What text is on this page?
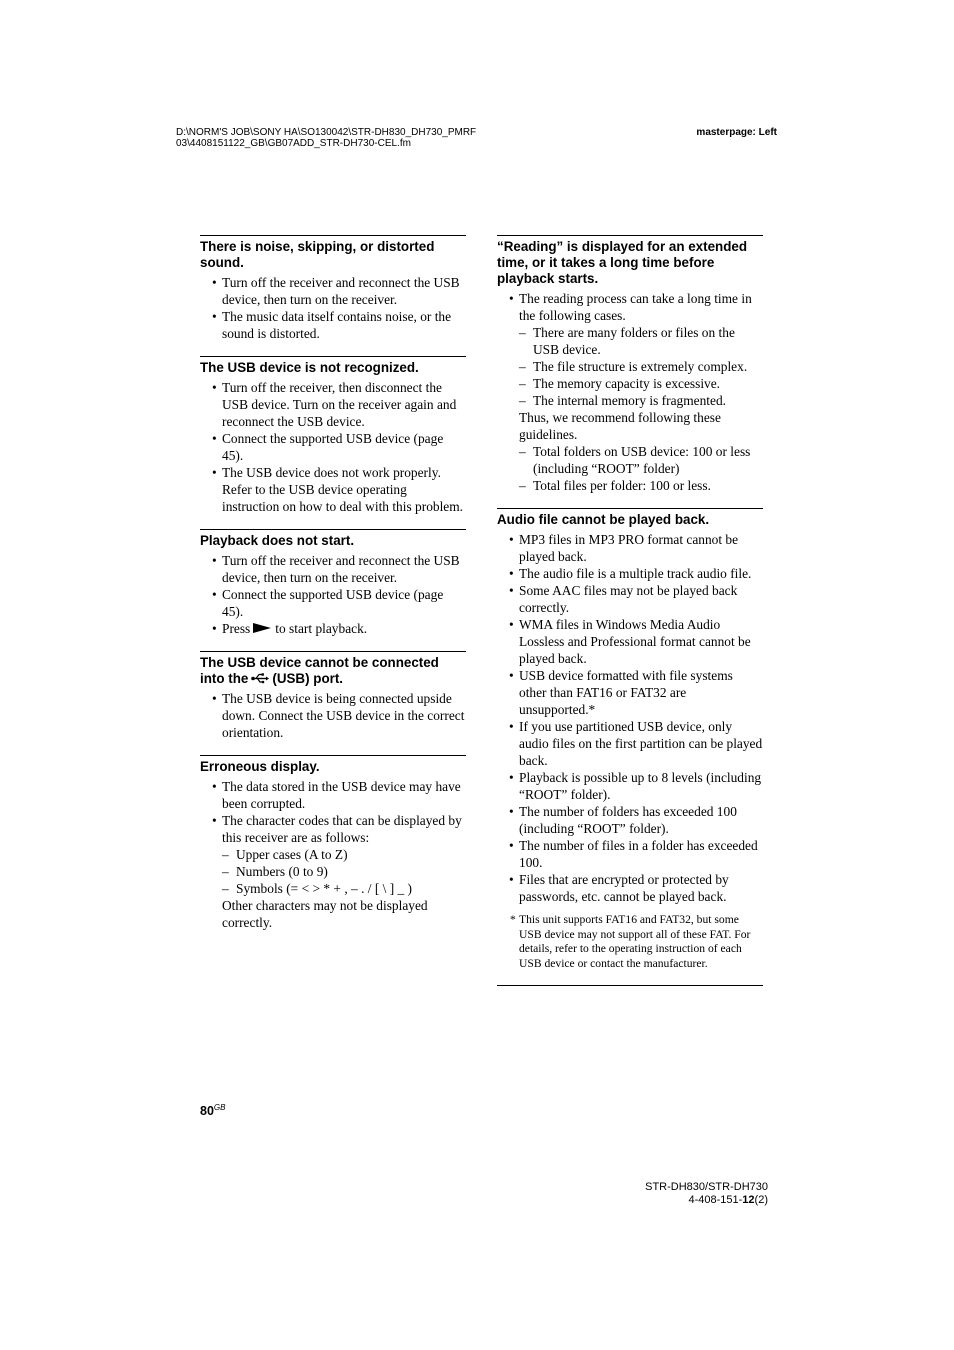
D:\NORM'S JOB\SONY HA\SO130042\STR-DH830_DH730_PMRF
03\4408151122_GB\GB07ADD_STR-DH730-CEL.fm
masterpage: Left
There is noise, skipping, or distorted sound.
• Turn off the receiver and reconnect the USB device, then turn on the receiver.
• The music data itself contains noise, or the sound is distorted.
The USB device is not recognized.
• Turn off the receiver, then disconnect the USB device. Turn on the receiver again and reconnect the USB device.
• Connect the supported USB device (page 45).
• The USB device does not work properly. Refer to the USB device operating instruction on how to deal with this problem.
Playback does not start.
• Turn off the receiver and reconnect the USB device, then turn on the receiver.
• Connect the supported USB device (page 45).
• Press to start playback.
The USB device cannot be connected into the (USB) port.
• The USB device is being connected upside down. Connect the USB device in the correct orientation.
Erroneous display.
• The data stored in the USB device may have been corrupted.
• The character codes that can be displayed by this receiver are as follows:
– Upper cases (A to Z)
– Numbers (0 to 9)
– Symbols (= < > * + , – . / [ \ ] _ )
Other characters may not be displayed correctly.
“Reading” is displayed for an extended time, or it takes a long time before playback starts.
• The reading process can take a long time in the following cases.
– There are many folders or files on the USB device.
– The file structure is extremely complex.
– The memory capacity is excessive.
– The internal memory is fragmented.
Thus, we recommend following these guidelines.
– Total folders on USB device: 100 or less (including “ROOT” folder)
– Total files per folder: 100 or less.
Audio file cannot be played back.
• MP3 files in MP3 PRO format cannot be played back.
• The audio file is a multiple track audio file.
• Some AAC files may not be played back correctly.
• WMA files in Windows Media Audio Lossless and Professional format cannot be played back.
• USB device formatted with file systems other than FAT16 or FAT32 are unsupported.*
• If you use partitioned USB device, only audio files on the first partition can be played back.
• Playback is possible up to 8 levels (including “ROOT” folder).
• The number of folders has exceeded 100 (including “ROOT” folder).
• The number of files in a folder has exceeded 100.
• Files that are encrypted or protected by passwords, etc. cannot be played back.
* This unit supports FAT16 and FAT32, but some USB device may not support all of these FAT. For details, refer to the operating instruction of each USB device or contact the manufacturer.
$80^{GB}$
STR-DH830/STR-DH730
4-408-151-12(2)
